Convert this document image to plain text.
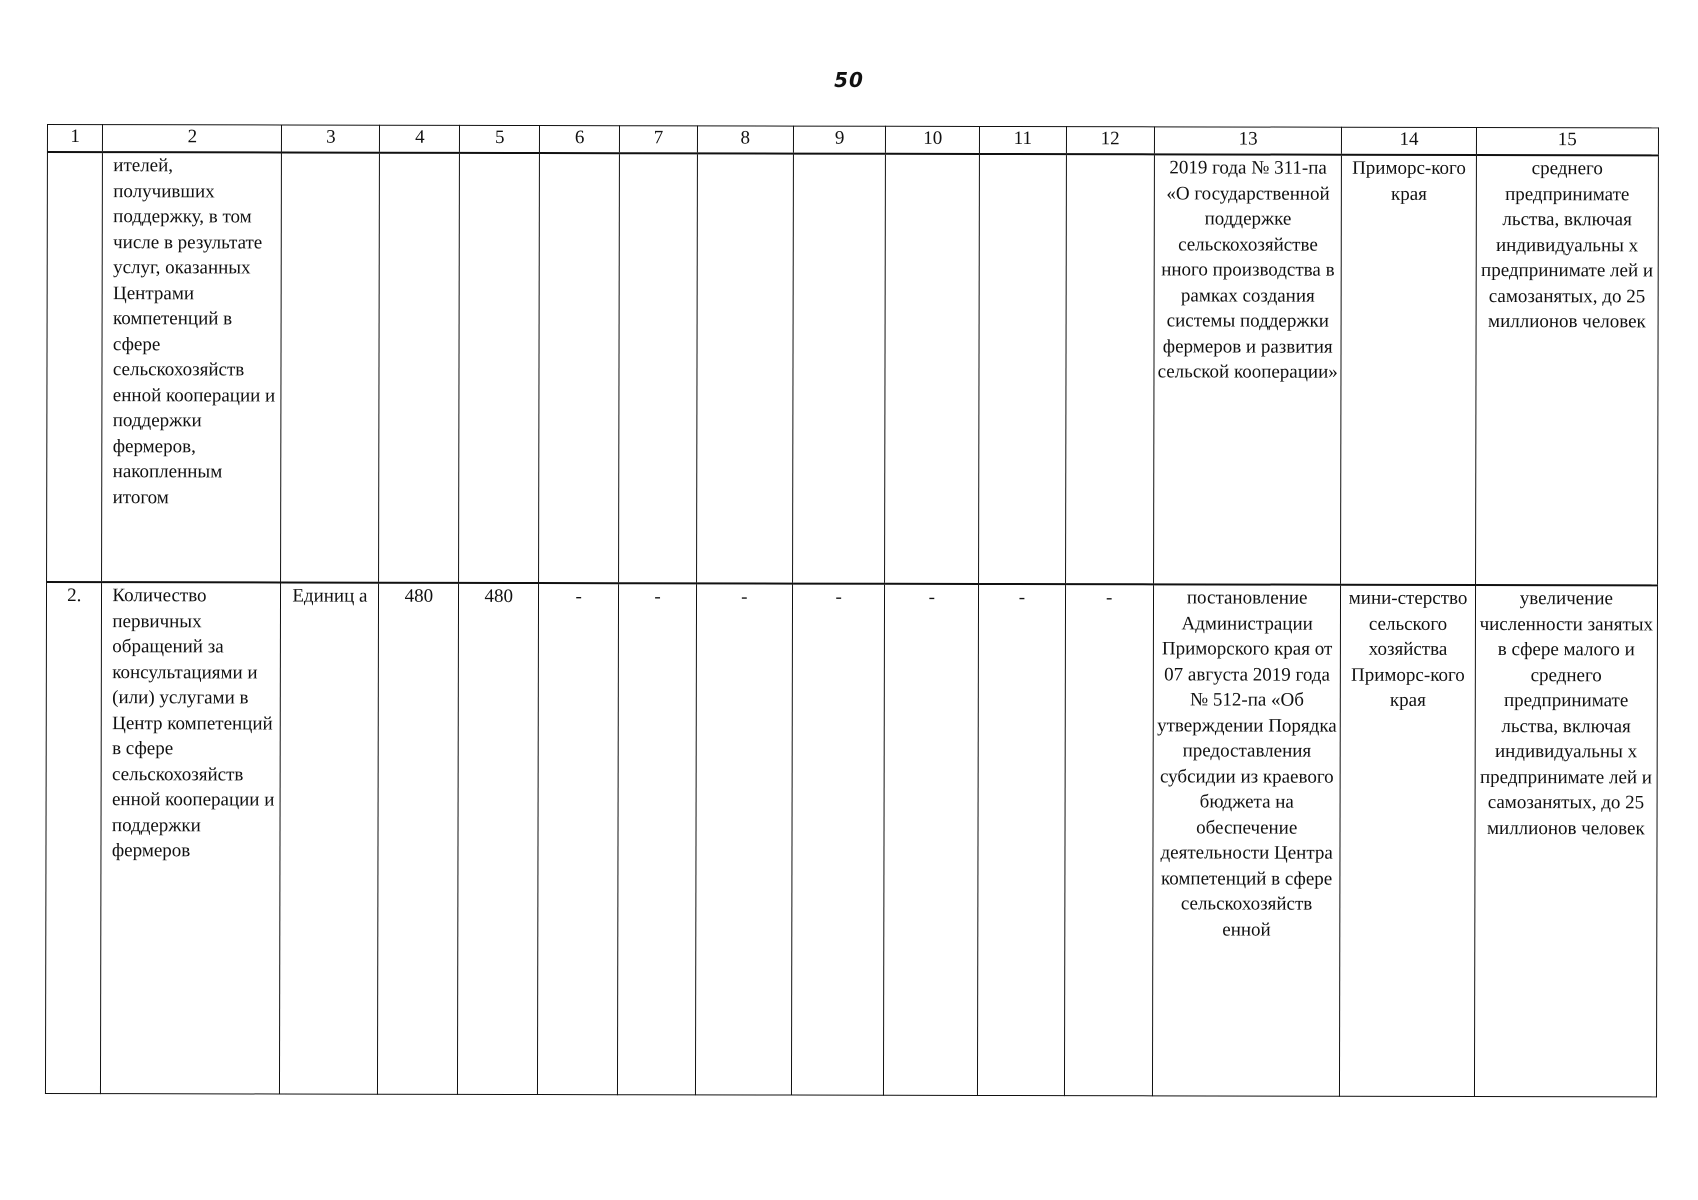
50
1	2	3	4	5	6	7	8	9	10	11	12	13	14	15
	ителей, получивших поддержку, в том числе в результате услуг, оказанных Центрами компетенций в сфере сельскохозяйств енной кооперации и поддержки фермеров, накопленным итогом											2019 года № 311-па «О государственной поддержке сельскохозяйстве нного производства в рамках создания системы поддержки фермеров и развития сельской кооперации»	Приморс-кого края	среднего предпринимате льства, включая индивидуальны х предпринимате лей и самозанятых, до 25 миллионов человек
2.	Количество первичных обращений за консультациями и (или) услугами в Центр компетенций в сфере сельскохозяйств енной кооперации и поддержки фермеров	Единиц а	480	480	-	-	-	-	-	-	-	постановление Администрации Приморского края от 07 августа 2019 года № 512-па «Об утверждении Порядка предоставления субсидии из краевого бюджета на обеспечение деятельности Центра компетенций в сфере сельскохозяйств енной	мини-стерство сельского хозяйства Приморс-кого края	увеличение численности занятых в сфере малого и среднего предпринимате льства, включая индивидуальны х предпринимате лей и самозанятых, до 25 миллионов человек
